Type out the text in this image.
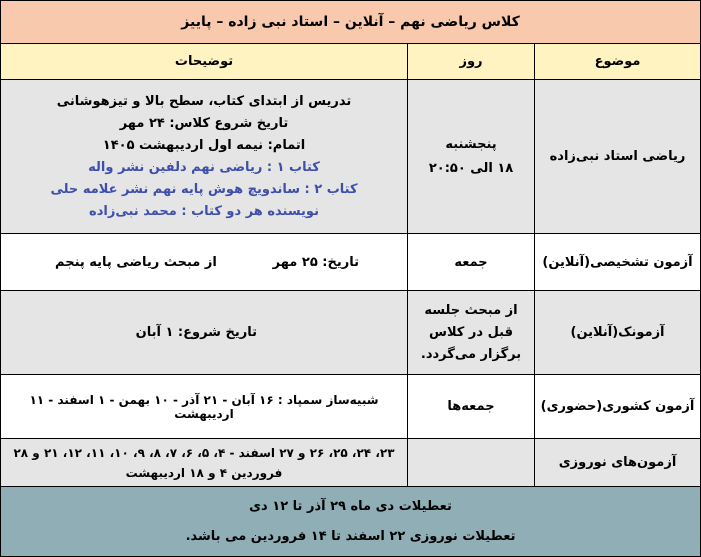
کلاس ریاضی نهم – آنلاین – استاد نبی زاده – پاییز
موضوع
روز
توضیحات
ریاضی استاد نبی‌زاده
پنجشنبه
۱۸ الی ۲۰:۵۰
تدریس از ابتدای کتاب، سطح بالا و تیزهوشانی
تاریخ شروع کلاس: ۲۴ مهر
اتمام: نیمه اول اردیبهشت ۱۴۰۵
کتاب ۱ : ریاضی نهم دلفین نشر واله
کتاب ۲ : ساندویچ هوش پایه نهم نشر علامه حلی
نویسنده هر دو کتاب : محمد نبی‌زاده
آزمون تشخیصی(آنلاین)
جمعه
تاریخ: ۲۵ مهر
از مبحث ریاضی پایه پنجم
آزمونک(آنلاین)
از مبحث جلسه
قبل در کلاس
برگزار می‌گردد.
تاریخ شروع: ۱ آبان
آزمون کشوری(حضوری)
جمعه‌ها
شبیه‌ساز سمپاد : ۱۶ آبان - ۲۱ آذر - ۱۰ بهمن - ۱ اسفند - ۱۱ اردیبهشت
آزمون‌های نوروزی
۲۳، ۲۴، ۲۵، ۲۶ و ۲۷ اسفند - ۴، ۵، ۶، ۷، ۸، ۹، ۱۰، ۱۱، ۱۲، ۲۱ و ۲۸
فروردین ۴ و ۱۸ اردیبهشت
تعطیلات دی ماه ۲۹ آذر تا ۱۲ دی
تعطیلات نوروزی ۲۲ اسفند تا ۱۴ فروردین می باشد.
